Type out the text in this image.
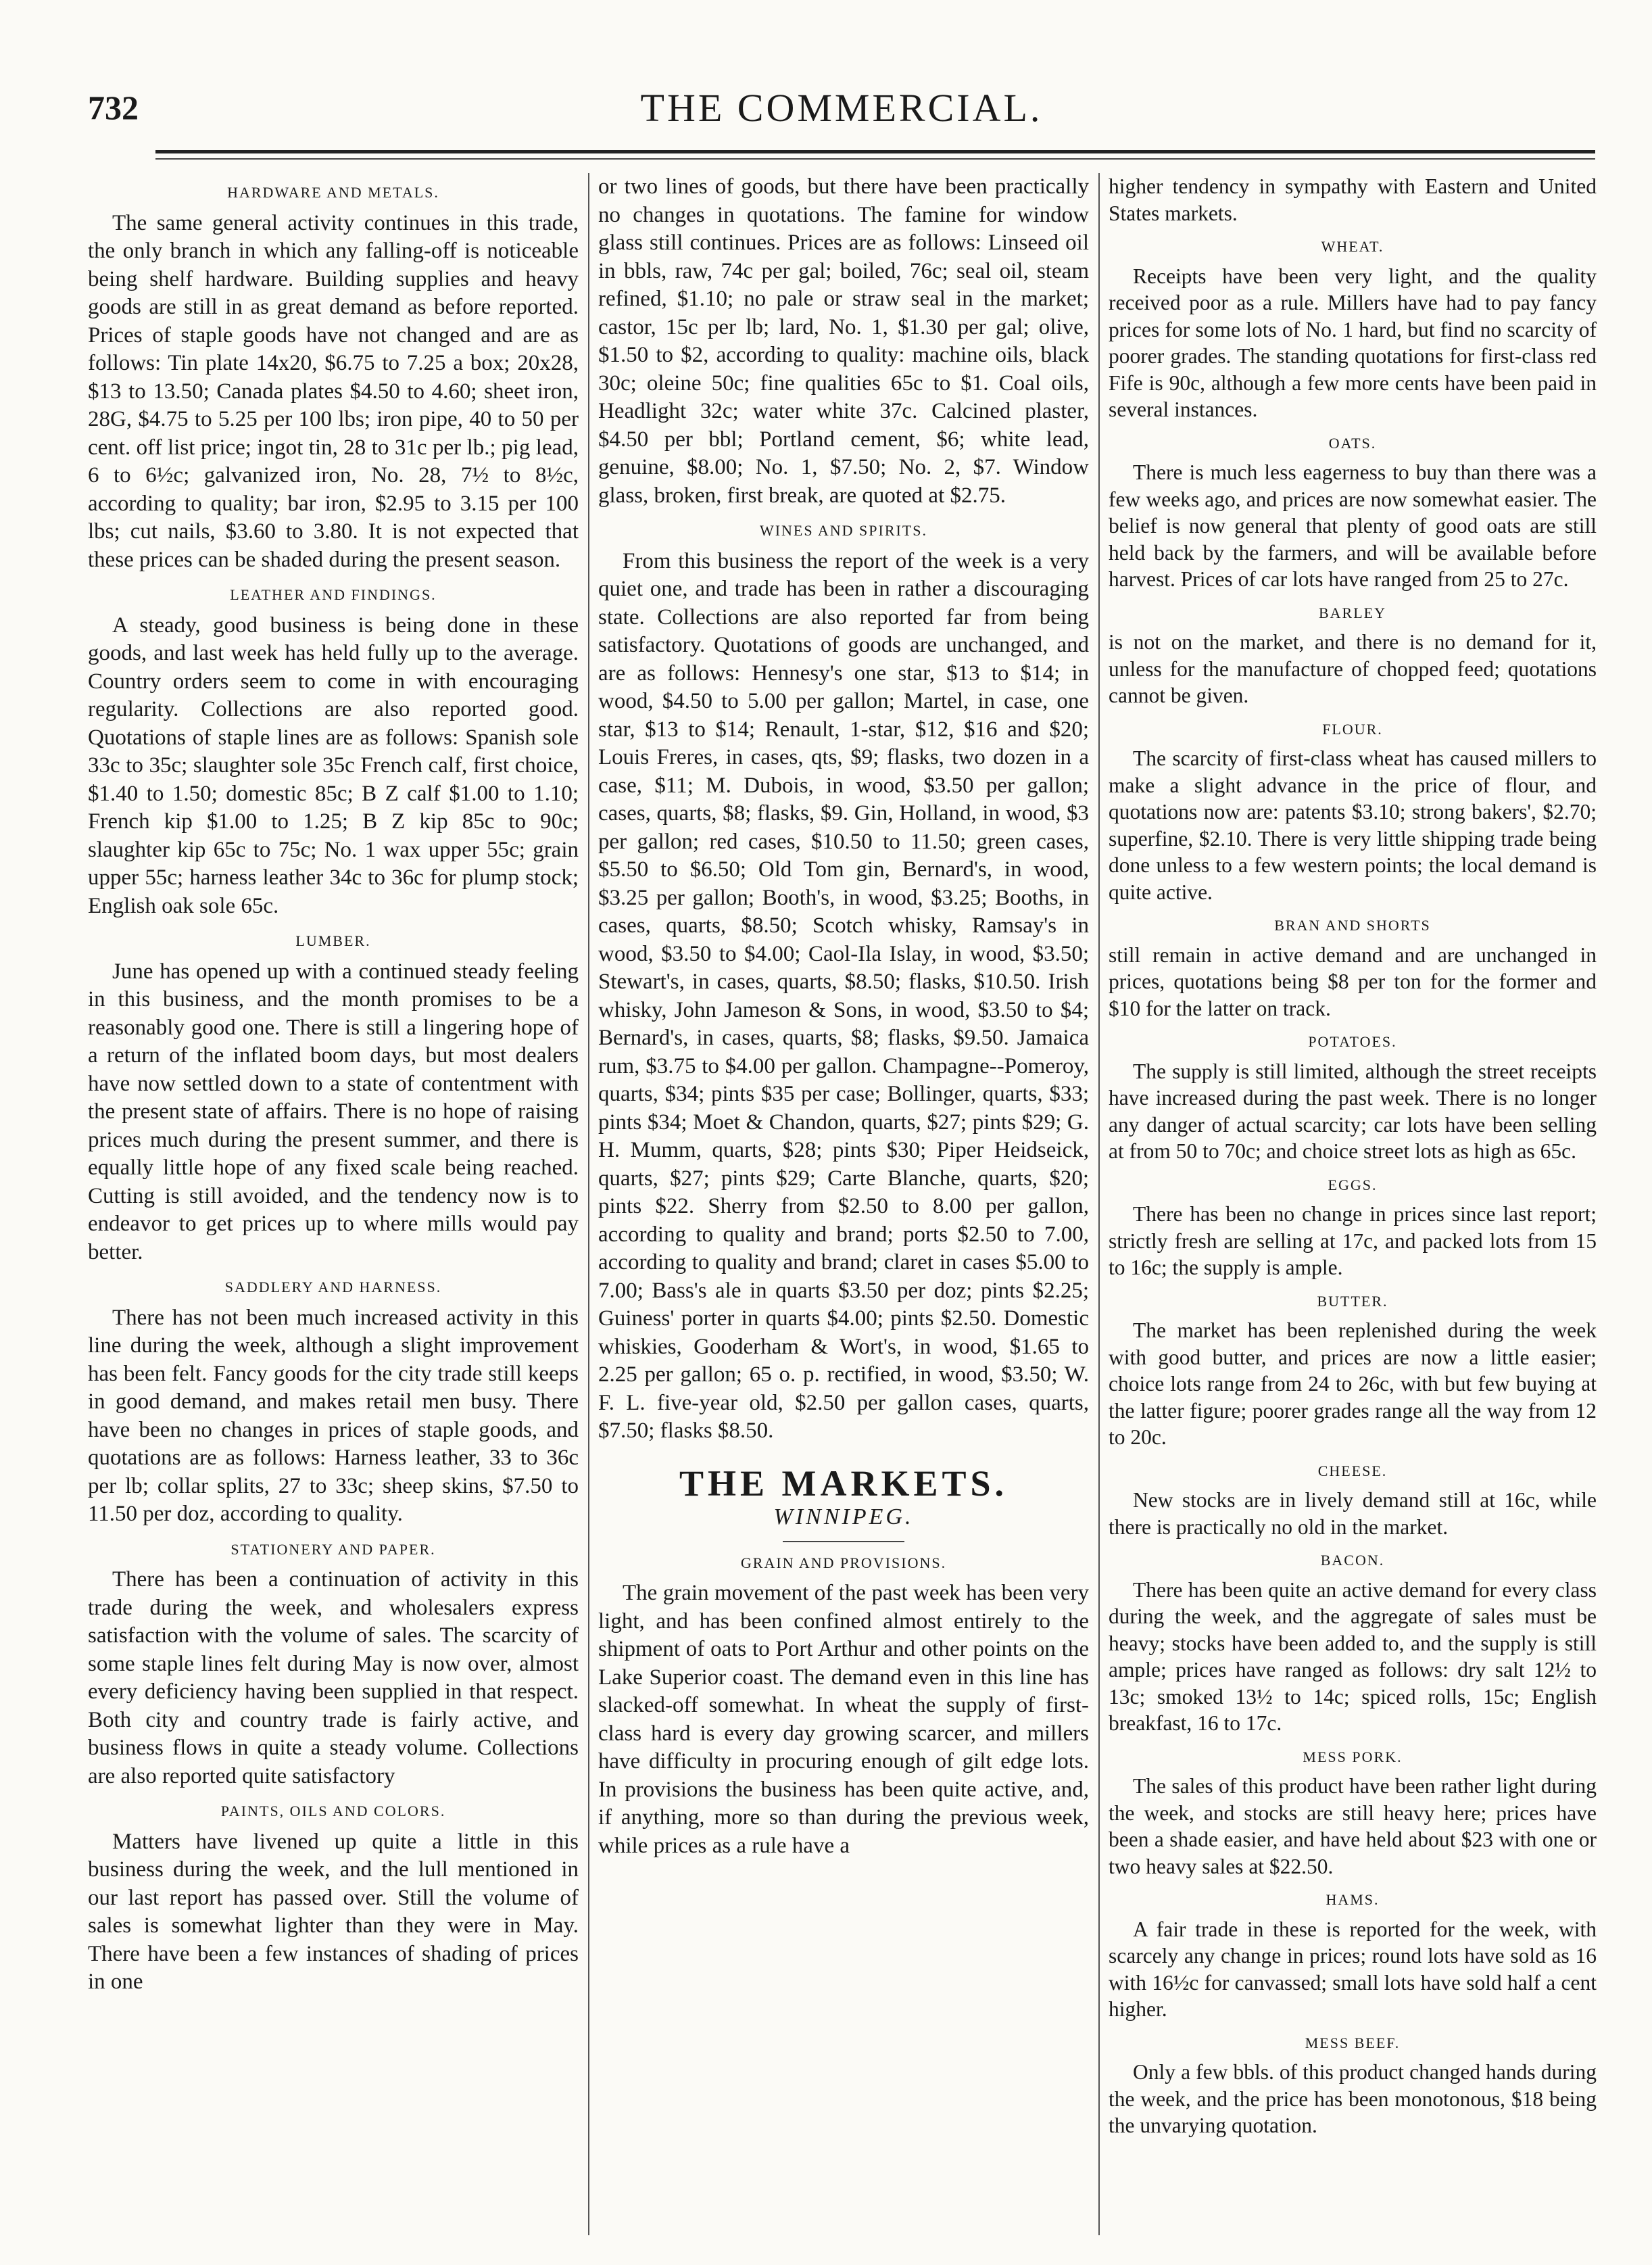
732	THE COMMERCIAL.
HARDWARE AND METALS.

The same general activity continues in this trade, the only branch in which any falling-off is noticeable being shelf hardware. Building supplies and heavy goods are still in as great demand as before reported. Prices of staple goods have not changed and are as follows: Tin plate 14x20, $6.75 to 7.25 a box; 20x28, $13 to 13.50; Canada plates $4.50 to 4.60; sheet iron, 28G, $4.75 to 5.25 per 100 lbs; iron pipe, 40 to 50 per cent. off list price; ingot tin, 28 to 31c per lb.; pig lead, 6 to 6½c; galvanized iron, No. 28, 7½ to 8½c, according to quality; bar iron, $2.95 to 3.15 per 100 lbs; cut nails, $3.60 to 3.80. It is not expected that these prices can be shaded during the present season.

LEATHER AND FINDINGS.

A steady, good business is being done in these goods, and last week has held fully up to the average. Country orders seem to come in with encouraging regularity. Collections are also reported good. Quotations of staple lines are as follows: Spanish sole 33c to 35c; slaughter sole 35c French calf, first choice, $1.40 to 1.50; domestic 85c; B Z calf $1.00 to 1.10; French kip $1.00 to 1.25; B Z kip 85c to 90c; slaughter kip 65c to 75c; No. 1 wax upper 55c; grain upper 55c; harness leather 34c to 36c for plump stock; English oak sole 65c.

LUMBER.

June has opened up with a continued steady feeling in this business, and the month promises to be a reasonably good one. There is still a lingering hope of a return of the inflated boom days, but most dealers have now settled down to a state of contentment with the present state of affairs. There is no hope of raising prices much during the present summer, and there is equally little hope of any fixed scale being reached. Cutting is still avoided, and the tendency now is to endeavor to get prices up to where mills would pay better.

SADDLERY AND HARNESS.

There has not been much increased activity in this line during the week, although a slight improvement has been felt. Fancy goods for the city trade still keeps in good demand, and makes retail men busy. There have been no changes in prices of staple goods, and quotations are as follows: Harness leather, 33 to 36c per lb; collar splits, 27 to 33c; sheep skins, $7.50 to 11.50 per doz, according to quality.

STATIONERY AND PAPER.

There has been a continuation of activity in this trade during the week, and wholesalers express satisfaction with the volume of sales. The scarcity of some staple lines felt during May is now over, almost every deficiency having been supplied in that respect. Both city and country trade is fairly active, and business flows in quite a steady volume. Collections are also reported quite satisfactory

PAINTS, OILS AND COLORS.

Matters have livened up quite a little in this business during the week, and the lull mentioned in our last report has passed over. Still the volume of sales is somewhat lighter than they were in May. There have been a few instances of shading of prices in one

or two lines of goods, but there have been practically no changes in quotations. The famine for window glass still continues. Prices are as follows: Linseed oil in bbls, raw, 74c per gal; boiled, 76c; seal oil, steam refined, $1.10; no pale or straw seal in the market; castor, 15c per lb; lard, No. 1, $1.30 per gal; olive, $1.50 to $2, according to quality: machine oils, black 30c; oleine 50c; fine qualities 65c to $1. Coal oils, Headlight 32c; water white 37c. Calcined plaster, $4.50 per bbl; Portland cement, $6; white lead, genuine, $8.00; No. 1, $7.50; No. 2, $7. Window glass, broken, first break, are quoted at $2.75.

WINES AND SPIRITS.

From this business the report of the week is a very quiet one, and trade has been in rather a discouraging state. Collections are also reported far from being satisfactory. Quotations of goods are unchanged, and are as follows: Hennesy's one star, $13 to $14; in wood, $4.50 to 5.00 per gallon; Martel, in case, one star, $13 to $14; Renault, 1-star, $12, $16 and $20; Louis Freres, in cases, qts, $9; flasks, two dozen in a case, $11; M. Dubois, in wood, $3.50 per gallon; cases, quarts, $8; flasks, $9. Gin, Holland, in wood, $3 per gallon; red cases, $10.50 to 11.50; green cases, $5.50 to $6.50; Old Tom gin, Bernard's, in wood, $3.25 per gallon; Booth's, in wood, $3.25; Booths, in cases, quarts, $8.50; Scotch whisky, Ramsay's in wood, $3.50 to $4.00; Caol-Ila Islay, in wood, $3.50; Stewart's, in cases, quarts, $8.50; flasks, $10.50. Irish whisky, John Jameson & Sons, in wood, $3.50 to $4; Bernard's, in cases, quarts, $8; flasks, $9.50. Jamaica rum, $3.75 to $4.00 per gallon. Champagne--Pomeroy, quarts, $34; pints $35 per case; Bollinger, quarts, $33; pints $34; Moet & Chandon, quarts, $27; pints $29; G. H. Mumm, quarts, $28; pints $30; Piper Heidseick, quarts, $27; pints $29; Carte Blanche, quarts, $20; pints $22. Sherry from $2.50 to 8.00 per gallon, according to quality and brand; ports $2.50 to 7.00, according to quality and brand; claret in cases $5.00 to 7.00; Bass's ale in quarts $3.50 per doz; pints $2.25; Guiness' porter in quarts $4.00; pints $2.50. Domestic whiskies, Gooderham & Wort's, in wood, $1.65 to 2.25 per gallon; 65 o. p. rectified, in wood, $3.50; W. F. L. five-year old, $2.50 per gallon cases, quarts, $7.50; flasks $8.50.

THE MARKETS.
WINNIPEG.
GRAIN AND PROVISIONS.

The grain movement of the past week has been very light, and has been confined almost entirely to the shipment of oats to Port Arthur and other points on the Lake Superior coast. The demand even in this line has slacked-off somewhat. In wheat the supply of first-class hard is every day growing scarcer, and millers have difficulty in procuring enough of gilt edge lots. In provisions the business has been quite active, and, if anything, more so than during the previous week, while prices as a rule have a

higher tendency in sympathy with Eastern and United States markets.

WHEAT.

Receipts have been very light, and the quality received poor as a rule. Millers have had to pay fancy prices for some lots of No. 1 hard, but find no scarcity of poorer grades. The standing quotations for first-class red Fife is 90c, although a few more cents have been paid in several instances.

OATS.

There is much less eagerness to buy than there was a few weeks ago, and prices are now somewhat easier. The belief is now general that plenty of good oats are still held back by the farmers, and will be available before harvest. Prices of car lots have ranged from 25 to 27c.

BARLEY

is not on the market, and there is no demand for it, unless for the manufacture of chopped feed; quotations cannot be given.

FLOUR.

The scarcity of first-class wheat has caused millers to make a slight advance in the price of flour, and quotations now are: patents $3.10; strong bakers', $2.70; superfine, $2.10. There is very little shipping trade being done unless to a few western points; the local demand is quite active.

BRAN AND SHORTS

still remain in active demand and are unchanged in prices, quotations being $8 per ton for the former and $10 for the latter on track.

POTATOES.

The supply is still limited, although the street receipts have increased during the past week. There is no longer any danger of actual scarcity; car lots have been selling at from 50 to 70c; and choice street lots as high as 65c.

EGGS.

There has been no change in prices since last report; strictly fresh are selling at 17c, and packed lots from 15 to 16c; the supply is ample.

BUTTER.

The market has been replenished during the week with good butter, and prices are now a little easier; choice lots range from 24 to 26c, with but few buying at the latter figure; poorer grades range all the way from 12 to 20c.

CHEESE.

New stocks are in lively demand still at 16c, while there is practically no old in the market.

BACON.

There has been quite an active demand for every class during the week, and the aggregate of sales must be heavy; stocks have been added to, and the supply is still ample; prices have ranged as follows: dry salt 12½ to 13c; smoked 13½ to 14c; spiced rolls, 15c; English breakfast, 16 to 17c.

MESS PORK.

The sales of this product have been rather light during the week, and stocks are still heavy here; prices have been a shade easier, and have held about $23 with one or two heavy sales at $22.50.

HAMS.

A fair trade in these is reported for the week, with scarcely any change in prices; round lots have sold as 16 with 16½c for canvassed; small lots have sold half a cent higher.

MESS BEEF.

Only a few bbls. of this product changed hands during the week, and the price has been monotonous, $18 being the unvarying quotation.
